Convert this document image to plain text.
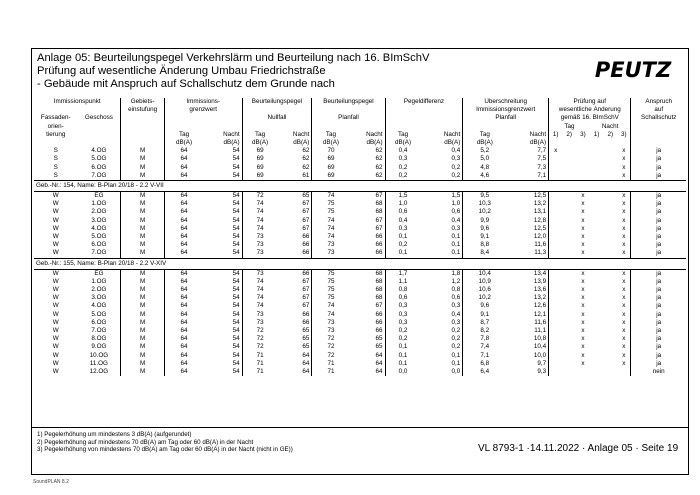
Anlage 05: Beurteilungspegel Verkehrslärm und Beurteilung nach 16. BImSchV
Prüfung auf wesentliche Änderung Umbau Friedrichstraße
- Gebäude mit Anspruch auf Schallschutz dem Grunde nach
PEUTZ
Immissionspunkt		Gebiets-	Immissions-		Beurteilungspegel		Beurteilungspegel		Pegeldifferenz		Überschreitung		Prüfung auf						Anspruch
		einstufung	grenzwert								Immissionsgrenzwert		wesentliche Änderung						auf
Fassaden-	Geschoss				Nullfall		Planfall				Planfall		gemäß 16. BImSchV						Schallschutz
orien-													Tag			Nacht			
tierung			Tag	Nacht	Tag	Nacht	Tag	Nacht	Tag	Nacht	Tag	Nacht	1)	2)	3)	1)	2)	3)	
			dB(A)	dB(A)	dB(A)	dB(A)	dB(A)	dB(A)	dB(A)	dB(A)	dB(A)	dB(A)							
S	4.OG	M	64	54	69	62	70	62	0,4	0,4	5,2	7,7	x					x	ja
S	5.OG	M	64	54	69	62	69	62	0,3	0,3	5,0	7,5						x	ja
S	6.OG	M	64	54	69	62	69	62	0,2	0,2	4,8	7,3						x	ja
S	7.OG	M	64	54	69	61	69	62	0,2	0,2	4,6	7,1						x	ja
Geb.-Nr.: 154, Name: B-Plan 20/18 - 2.2 V-VII																			
W	EG	M	64	54	72	65	74	67	1,5	1,5	9,5	12,5			x			x	ja
W	1.OG	M	64	54	74	67	75	68	1,0	1,0	10,3	13,2			x			x	ja
W	2.OG	M	64	54	74	67	75	68	0,6	0,6	10,2	13,1			x			x	ja
W	3.OG	M	64	54	74	67	74	67	0,4	0,4	9,9	12,8			x			x	ja
W	4.OG	M	64	54	74	67	74	67	0,3	0,3	9,6	12,5			x			x	ja
W	5.OG	M	64	54	73	66	74	66	0,1	0,1	9,1	12,0			x			x	ja
W	6.OG	M	64	54	73	66	73	66	0,2	0,1	8,8	11,6			x			x	ja
W	7.OG	M	64	54	73	66	73	66	0,1	0,1	8,4	11,3			x			x	ja
Geb.-Nr.: 155, Name: B-Plan 20/18 - 2.2 V-XIV																			
W	EG	M	64	54	73	66	75	68	1,7	1,8	10,4	13,4			x			x	ja
W	1.OG	M	64	54	74	67	75	68	1,1	1,2	10,9	13,9			x			x	ja
W	2.OG	M	64	54	74	67	75	68	0,8	0,8	10,6	13,6			x			x	ja
W	3.OG	M	64	54	74	67	75	68	0,6	0,6	10,2	13,2			x			x	ja
W	4.OG	M	64	54	74	67	74	67	0,3	0,3	9,6	12,6			x			x	ja
W	5.OG	M	64	54	73	66	74	66	0,3	0,4	9,1	12,1			x			x	ja
W	6.OG	M	64	54	73	66	73	66	0,3	0,3	8,7	11,6			x			x	ja
W	7.OG	M	64	54	72	65	73	66	0,2	0,2	8,2	11,1			x			x	ja
W	8.OG	M	64	54	72	65	72	65	0,2	0,2	7,8	10,8			x			x	ja
W	9.OG	M	64	54	72	65	72	65	0,1	0,2	7,4	10,4			x			x	ja
W	10.OG	M	64	54	71	64	72	64	0,1	0,1	7,1	10,0			x			x	ja
W	11.OG	M	64	54	71	64	71	64	0,1	0,1	6,8	9,7			x			x	ja
W	12.OG	M	64	54	71	64	71	64	0,0	0,0	6,4	9,3							nein
1) Pegelerhöhung um mindestens 3 dB(A) (aufgerundet)
2) Pegelerhöhung auf mindestens 70 dB(A) am Tag oder 60 dB(A) in der Nacht
3) Pegelerhöhung von mindestens 70 dB(A) am Tag oder 60 dB(A) in der Nacht (nicht in GE))	VL 8793-1 ·14.11.2022 · Anlage 05 · Seite 19
SoundPLAN 8.2
